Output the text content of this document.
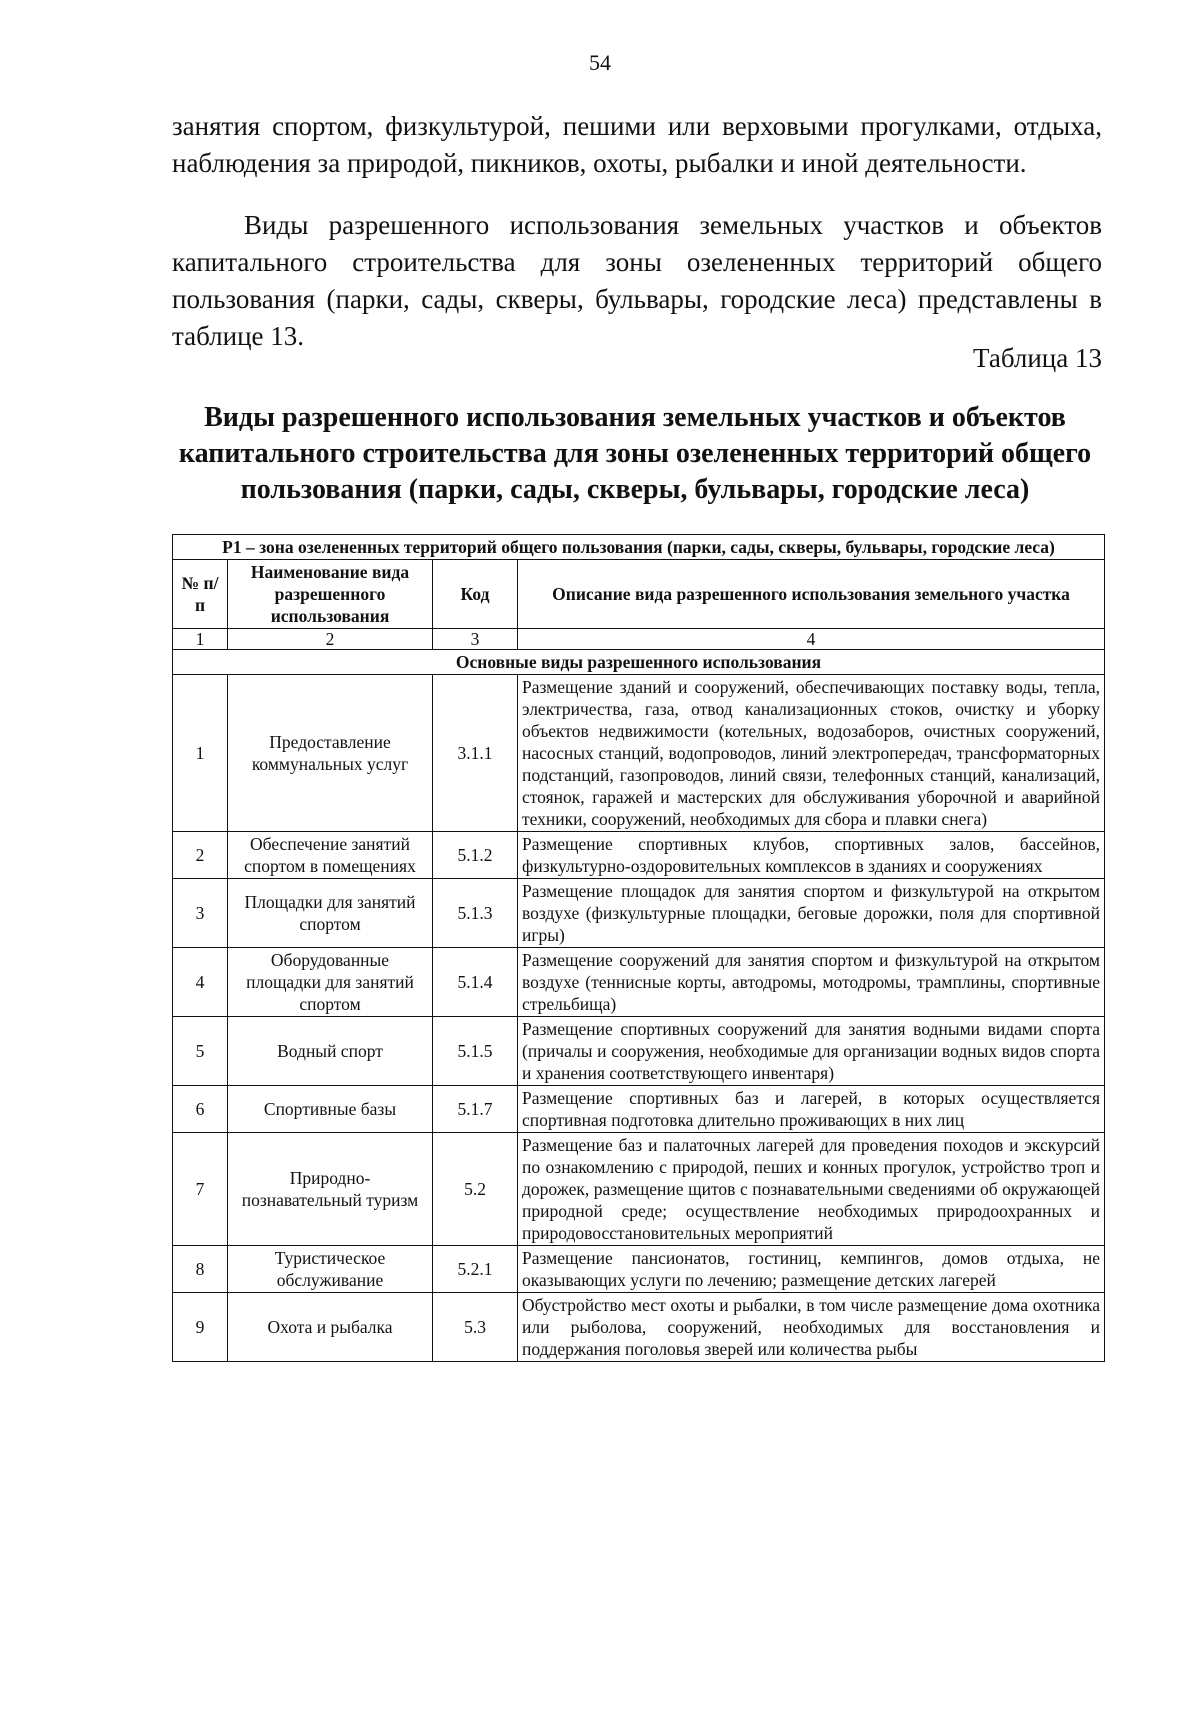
54

занятия спортом, физкультурой, пешими или верховыми прогулками, отдыха, наблюдения за природой, пикников, охоты, рыбалки и иной деятельности.

Виды разрешенного использования земельных участков и объектов капитального строительства для зоны озелененных территорий общего пользования (парки, сады, скверы, бульвары, городские леса) представлены в таблице 13.

Таблица 13
Виды разрешенного использования земельных участков и объектов капитального строительства для зоны озелененных территорий общего пользования (парки, сады, скверы, бульвары, городские леса)
Р1 – зона озелененных территорий общего пользования (парки, сады, скверы, бульвары, городские леса)			
№ п/п	Наименование вида разрешенного использования	Код	Описание вида разрешенного использования земельного участка
1	2	3	4
Основные виды разрешенного использования			
1	Предоставление коммунальных услуг	3.1.1	Размещение зданий и сооружений, обеспечивающих поставку воды, тепла, электричества, газа, отвод канализационных стоков, очистку и уборку объектов недвижимости (котельных, водозаборов, очистных сооружений, насосных станций, водопроводов, линий электропередач, трансформаторных подстанций, газопроводов, линий связи, телефонных станций, канализаций, стоянок, гаражей и мастерских для обслуживания уборочной и аварийной техники, сооружений, необходимых для сбора и плавки снега)
2	Обеспечение занятий спортом в помещениях	5.1.2	Размещение спортивных клубов, спортивных залов, бассейнов, физкультурно-оздоровительных комплексов в зданиях и сооружениях
3	Площадки для занятий спортом	5.1.3	Размещение площадок для занятия спортом и физкультурой на открытом воздухе (физкультурные площадки, беговые дорожки, поля для спортивной игры)
4	Оборудованные площадки для занятий спортом	5.1.4	Размещение сооружений для занятия спортом и физкультурой на открытом воздухе (теннисные корты, автодромы, мотодромы, трамплины, спортивные стрельбища)
5	Водный спорт	5.1.5	Размещение спортивных сооружений для занятия водными видами спорта (причалы и сооружения, необходимые для организации водных видов спорта и хранения соответствующего инвентаря)
6	Спортивные базы	5.1.7	Размещение спортивных баз и лагерей, в которых осуществляется спортивная подготовка длительно проживающих в них лиц
7	Природно-познавательный туризм	5.2	Размещение баз и палаточных лагерей для проведения походов и экскурсий по ознакомлению с природой, пеших и конных прогулок, устройство троп и дорожек, размещение щитов с познавательными сведениями об окружающей природной среде; осуществление необходимых природоохранных и природовосстановительных мероприятий
8	Туристическое обслуживание	5.2.1	Размещение пансионатов, гостиниц, кемпингов, домов отдыха, не оказывающих услуги по лечению; размещение детских лагерей
9	Охота и рыбалка	5.3	Обустройство мест охоты и рыбалки, в том числе размещение дома охотника или рыболова, сооружений, необходимых для восстановления и поддержания поголовья зверей или количества рыбы
